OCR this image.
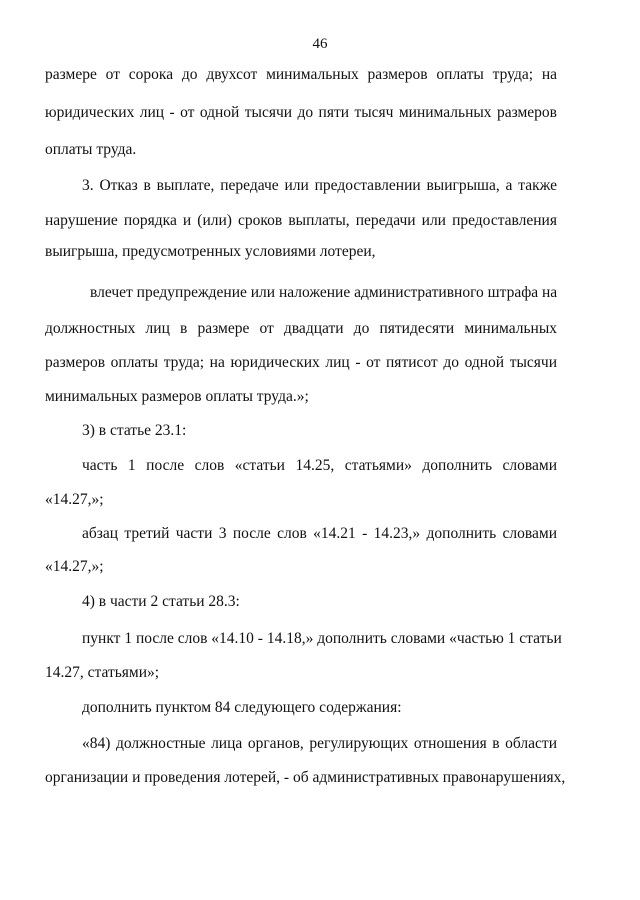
46
размере от сорока до двухсот минимальных размеров оплаты труда; на
юридических лиц - от одной тысячи до пяти тысяч минимальных размеров
оплаты труда.
3. Отказ в выплате, передаче или предоставлении выигрыша, а также
нарушение порядка и (или) сроков выплаты, передачи или предоставления
выигрыша, предусмотренных условиями лотереи,
влечет предупреждение или наложение административного штрафа на
должностных лиц в размере от двадцати до пятидесяти минимальных
размеров оплаты труда; на юридических лиц - от пятисот до одной тысячи
минимальных размеров оплаты труда.»;
3) в статье 23.1:
часть 1 после слов «статьи 14.25, статьями» дополнить словами
«14.27,»;
абзац третий части 3 после слов «14.21 - 14.23,» дополнить словами
«14.27,»;
4) в части 2 статьи 28.3:
пункт 1 после слов «14.10 - 14.18,» дополнить словами «частью 1 статьи
14.27, статьями»;
дополнить пунктом 84 следующего содержания:
«84) должностные лица органов, регулирующих отношения в области
организации и проведения лотерей, - об административных правонарушениях,
